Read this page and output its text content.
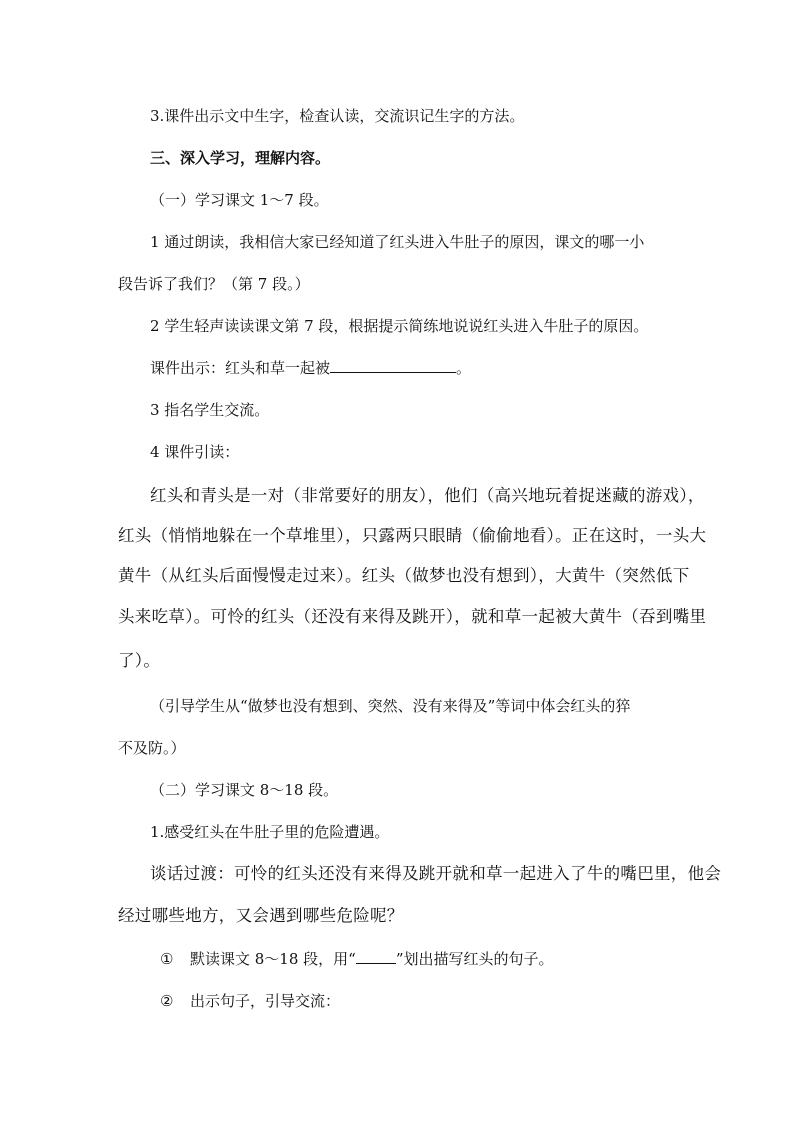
3.课件出示文中生字，检查认读，交流识记生字的方法。
三、深入学习，理解内容。
（一）学习课文 1～7 段。
1 通过朗读，我相信大家已经知道了红头进入牛肚子的原因，课文的哪一小
段告诉了我们？（第 7 段。）
2 学生轻声读读课文第 7 段，根据提示简练地说说红头进入牛肚子的原因。
课件出示：红头和草一起被	。
3 指名学生交流。
4 课件引读：
红头和青头是一对（非常要好的朋友），他们（高兴地玩着捉迷藏的游戏），
红头（悄悄地躲在一个草堆里），只露两只眼睛（偷偷地看）。正在这时，一头大
黄牛（从红头后面慢慢走过来）。红头（做梦也没有想到），大黄牛（突然低下
头来吃草）。可怜的红头（还没有来得及跳开），就和草一起被大黄牛（吞到嘴里
了）。
（引导学生从“做梦也没有想到、突然、没有来得及”等词中体会红头的猝
不及防。）
（二）学习课文 8～18 段。
1.感受红头在牛肚子里的危险遭遇。
谈话过渡：可怜的红头还没有来得及跳开就和草一起进入了牛的嘴巴里，他会
经过哪些地方，又会遇到哪些危险呢？
① 默读课文 8～18 段，用“	”划出描写红头的句子。
② 出示句子，引导交流：
